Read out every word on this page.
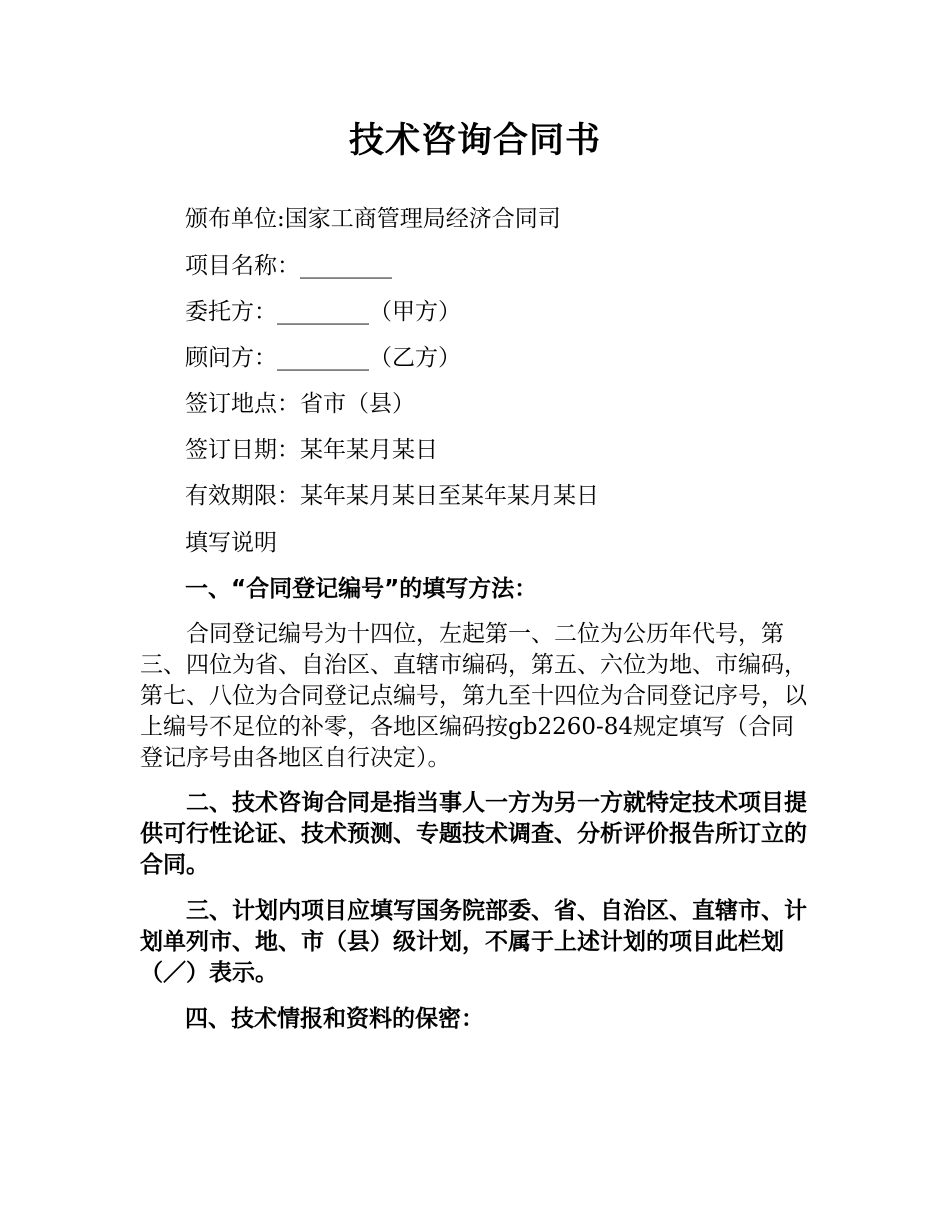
技术咨询合同书

颁布单位:国家工商管理局经济合同司

项目名称：________

委托方：________（甲方）

顾问方：________（乙方）

签订地点：省市（县）

签订日期：某年某月某日

有效期限：某年某月某日至某年某月某日

填写说明

一、“合同登记编号”的填写方法：

合同登记编号为十四位，左起第一、二位为公历年代号，第三、四位为省、自治区、直辖市编码，第五、六位为地、市编码，第七、八位为合同登记点编号，第九至十四位为合同登记序号，以上编号不足位的补零，各地区编码按gb2260-84规定填写（合同登记序号由各地区自行决定）。

二、技术咨询合同是指当事人一方为另一方就特定技术项目提供可行性论证、技术预测、专题技术调查、分析评价报告所订立的合同。

三、计划内项目应填写国务院部委、省、自治区、直辖市、计划单列市、地、市（县）级计划，不属于上述计划的项目此栏划（／）表示。

四、技术情报和资料的保密：
